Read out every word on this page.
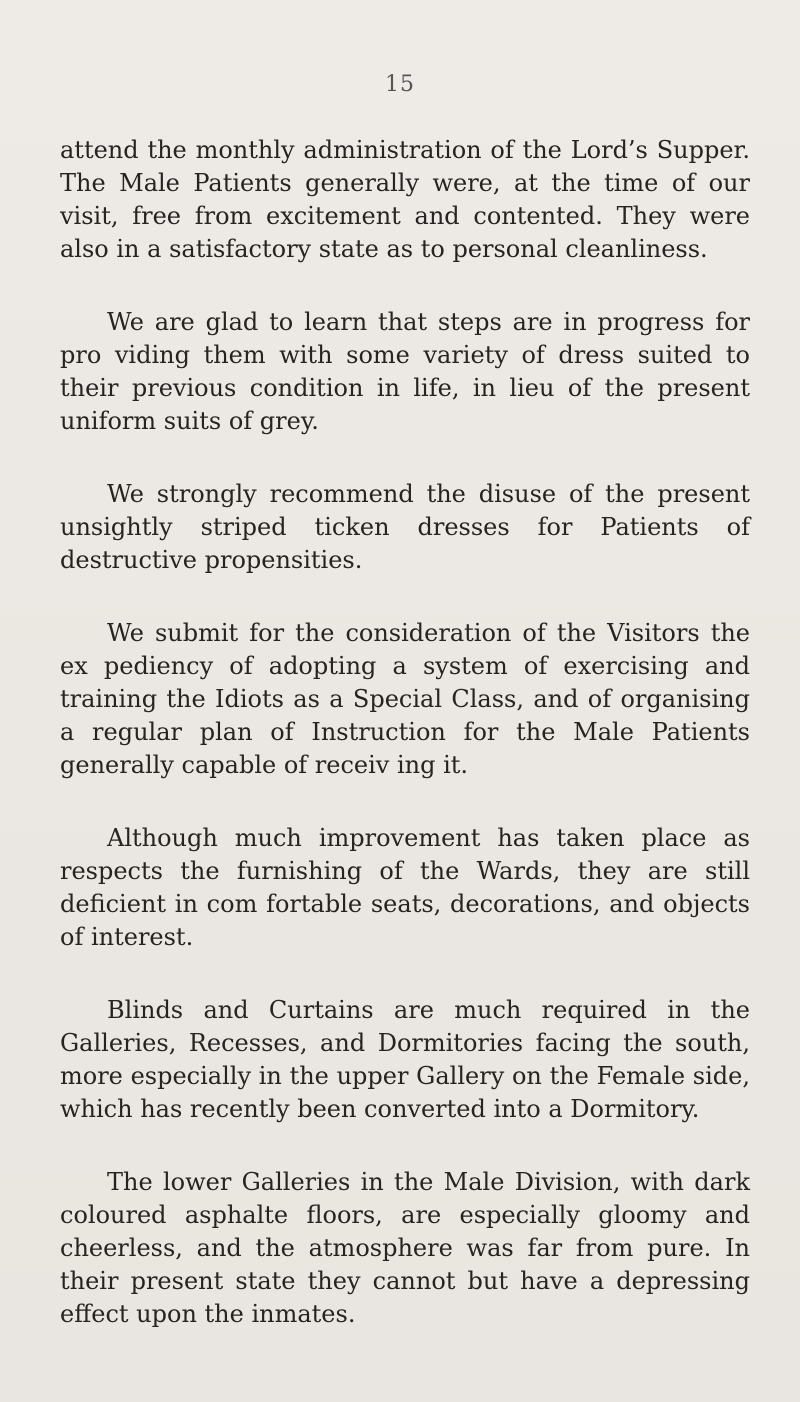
15

attend the monthly administration of the Lord’s Supper. The Male Patients generally were, at the time of our visit, free from excitement and contented. They were also in a satisfactory state as to personal cleanliness.

We are glad to learn that steps are in progress for pro viding them with some variety of dress suited to their previous condition in life, in lieu of the present uniform suits of grey.

We strongly recommend the disuse of the present unsightly striped ticken dresses for Patients of destructive propensities.

We submit for the consideration of the Visitors the ex pediency of adopting a system of exercising and training the Idiots as a Special Class, and of organising a regular plan of Instruction for the Male Patients generally capable of receiv ing it.

Although much improvement has taken place as respects the furnishing of the Wards, they are still deficient in com fortable seats, decorations, and objects of interest.

Blinds and Curtains are much required in the Galleries, Recesses, and Dormitories facing the south, more especially in the upper Gallery on the Female side, which has recently been converted into a Dormitory.

The lower Galleries in the Male Division, with dark coloured asphalte floors, are especially gloomy and cheerless, and the atmosphere was far from pure. In their present state they cannot but have a depressing effect upon the inmates.
